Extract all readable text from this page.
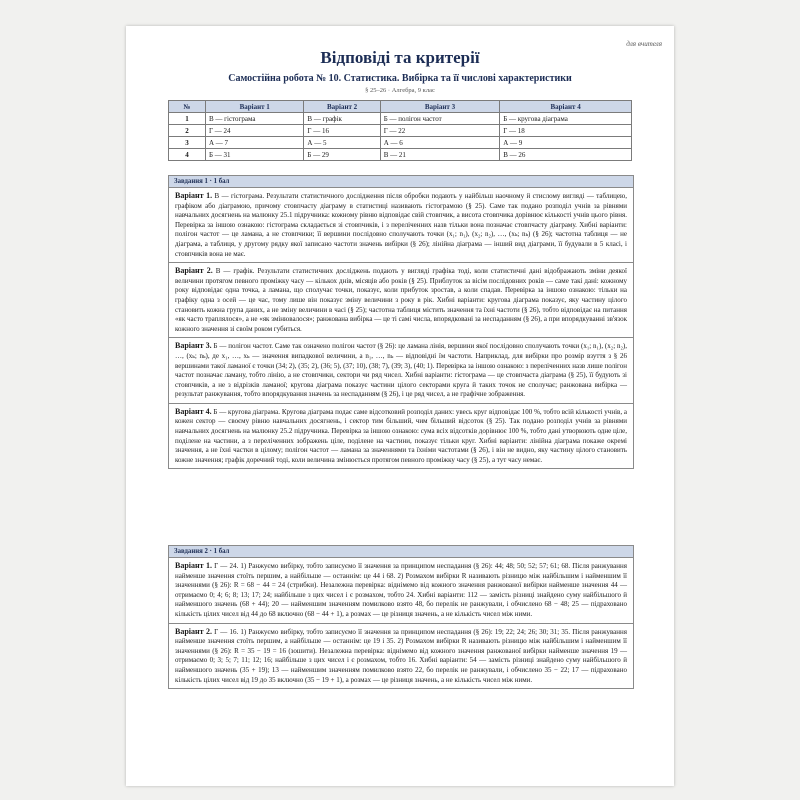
для вчителя
Відповіді та критерії
Самостійна робота № 10. Статистика. Вибірка та її числові характеристики
§ 25–26 · Алгебра, 9 клас
№	Варіант 1	Варіант 2	Варіант 3	Варіант 4
1	В — гістограма	В — графік	Б — полігон частот	Б — кругова діаграма
2	Г — 24	Г — 16	Г — 22	Г — 18
3	А — 7	А — 5	А — 6	А — 9
4	Б — 31	Б — 29	В — 21	В — 26
Завдання 1 · 1 бал
Варіант 1. В — гістограма. Результати статистичного дослідження після обробки подають у найбільш наочному й стислому вигляді — таблицею, графіком або діаграмою, причому стовпчасту діаграму в статистиці називають гістограмою (§ 25). Саме так подано розподіл учнів за рівнями навчальних досягнень на малюнку 25.1 підручника: кожному рівню відповідає свій стовпчик, а висота стовпчика дорівнює кількості учнів цього рівня. Перевірка за іншою ознакою: гістограма складається зі стовпчиків, і з переліченних назв тільки вона позначає стовпчасту діаграму. Хибні варіанти: полігон частот — це ламана, а не стовпчики; її вершини послідовно сполучають точки (x₁; n₁), (x₂; n₂), …, (xₖ; nₖ) (§ 26); частотна таблиця — не діаграма, а таблиця, у другому рядку якої записано частоти значень вибірки (§ 26); лінійна діаграма — інший вид діаграми, її будували в 5 класі, і стовпчиків вона не має.
Варіант 2. В — графік. Результати статистичних досліджень подають у вигляді графіка тоді, коли статистичні дані відображають зміни деякої величини протягом певного проміжку часу — кількох днів, місяців або років (§ 25). Приблуток за вісім послідовних років — саме такі дані: кожному року відповідає одна точка, а ламана, що сполучає точки, показує, коли прибуток зростав, а коли спадав. Перевірка за іншою ознакою: тільки на графіку одна з осей — це час, тому лише він показує зміну величини з року в рік. Хибні варіанти: кругова діаграма показує, яку частину цілого становить кожна група даних, а не зміну величини в часі (§ 25); частотна таблиця містить значення та їхні частоти (§ 26), тобто відповідає на питання «як часто траплялося», а не «як змінювалося»; ранжована вибірка — це ті самі числа, впорядковані за неспаданням (§ 26), а при впорядкуванні зв'язок кожного значення зі своїм роком губиться.
Варіант 3. Б — полігон частот. Саме так означено полігон частот (§ 26): це ламана лінія, вершини якої послідовно сполучають точки (x₁; n₁), (x₂; n₂), …, (xₖ; nₖ), де x₁, …, xₖ — значення випадкової величини, а n₁, …, nₖ — відповідні їм частоти. Наприклад, для вибірки про розмір взуття з § 26 вершинами такої ламаної є точки (34; 2), (35; 2), (36; 5), (37; 10), (38; 7), (39; 3), (40; 1). Перевірка за іншою ознакою: з переліченних назв лише полігон частот позначає ламану, тобто лінію, а не стовпчики, сектори чи ряд чисел. Хибні варіанти: гістограма — це стовпчаста діаграма (§ 25), її будують зі стовпчиків, а не з відрізків ламаної; кругова діаграма показує частини цілого секторами круга й таких точок не сполучає; ранжована вибірка — результат ранжування, тобто впорядкування значень за неспаданням (§ 26), і це ряд чисел, а не графічне зображення.
Варіант 4. Б — кругова діаграма. Кругова діаграма подає саме відсотковий розподіл даних: увесь круг відповідає 100 %, тобто всій кількості учнів, а кожен сектор — своєму рівню навчальних досягнень, і сектор тим більший, чим більший відсоток (§ 25). Так подано розподіл учнів за рівнями навчальних досягнень на малюнку 25.2 підручника. Перевірка за іншою ознакою: сума всіх відсотків дорівнює 100 %, тобто дані утворюють одне ціле, поділене на частини, а з переліченних зображень ціле, поділене на частини, показує тільки круг. Хибні варіанти: лінійна діаграма покаже окремі значення, а не їхні частки в цілому; полігон частот — ламана за значеннями та їхніми частотами (§ 26), і він не видно, яку частину цілого становить кожне значення; графік доречний тоді, коли величина змінюється протягом певного проміжку часу (§ 25), а тут часу немає.
Завдання 2 · 1 бал
Варіант 1. Г — 24. 1) Ранжуємо вибірку, тобто записуємо її значення за принципом неспадання (§ 26): 44; 48; 50; 52; 57; 61; 68. Після ранжування найменше значення стоїть першим, а найбільше — останнім: це 44 і 68. 2) Розмахом вибірки R називають різницю між найбільшим і найменшим її значеннями (§ 26): R = 68 − 44 = 24 (стрибки). Незалежна перевірка: віднімемо від кожного значення ранжованої вибірки найменше значення 44 — отримаємо 0; 4; 6; 8; 13; 17; 24; найбільше з цих чисел і є розмахом, тобто 24. Хибні варіанти: 112 — замість різниці знайдено суму найбільшого й найменшого значень (68 + 44); 20 — найменшим значенням помилково взято 48, бо перелік не ранжували, і обчислено 68 − 48; 25 — підраховано кількість цілих чисел від 44 до 68 включно (68 − 44 + 1), а розмах — це різниця значень, а не кількість чисел між ними.
Варіант 2. Г — 16. 1) Ранжуємо вибірку, тобто записуємо її значення за принципом неспадання (§ 26): 19; 22; 24; 26; 30; 31; 35. Після ранжування найменше значення стоїть першим, а найбільше — останнім: це 19 і 35. 2) Розмахом вибірки R називають різницю між найбільшим і найменшим її значеннями (§ 26): R = 35 − 19 = 16 (зошити). Незалежна перевірка: віднімемо від кожного значення ранжованої вибірки найменше значення 19 — отримаємо 0; 3; 5; 7; 11; 12; 16; найбільше з цих чисел і є розмахом, тобто 16. Хибні варіанти: 54 — замість різниці знайдено суму найбільшого й найменшого значень (35 + 19); 13 — найменшим значенням помилково взято 22, бо перелік не ранжували, і обчислено 35 − 22; 17 — підраховано кількість цілих чисел від 19 до 35 включно (35 − 19 + 1), а розмах — це різниця значень, а не кількість чисел між ними.
